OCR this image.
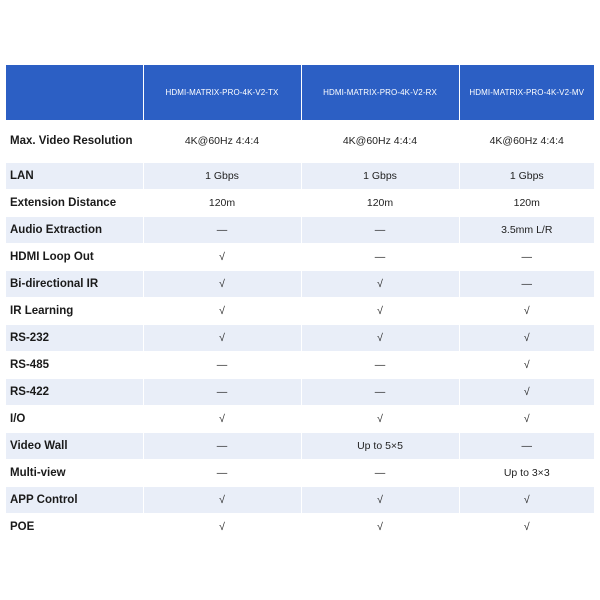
	HDMI-MATRIX-PRO-4K-V2-TX	HDMI-MATRIX-PRO-4K-V2-RX	HDMI-MATRIX-PRO-4K-V2-MV
Max. Video Resolution	4K@60Hz 4:4:4	4K@60Hz 4:4:4	4K@60Hz 4:4:4
LAN	1 Gbps	1 Gbps	1 Gbps
Extension Distance	120m	120m	120m
Audio Extraction	—	—	3.5mm L/R
HDMI Loop Out	√	—	—
Bi-directional IR	√	√	—
IR Learning	√	√	√
RS-232	√	√	√
RS-485	—	—	√
RS-422	—	—	√
I/O	√	√	√
Video Wall	—	Up to 5×5	—
Multi-view	—	—	Up to 3×3
APP Control	√	√	√
POE	√	√	√
